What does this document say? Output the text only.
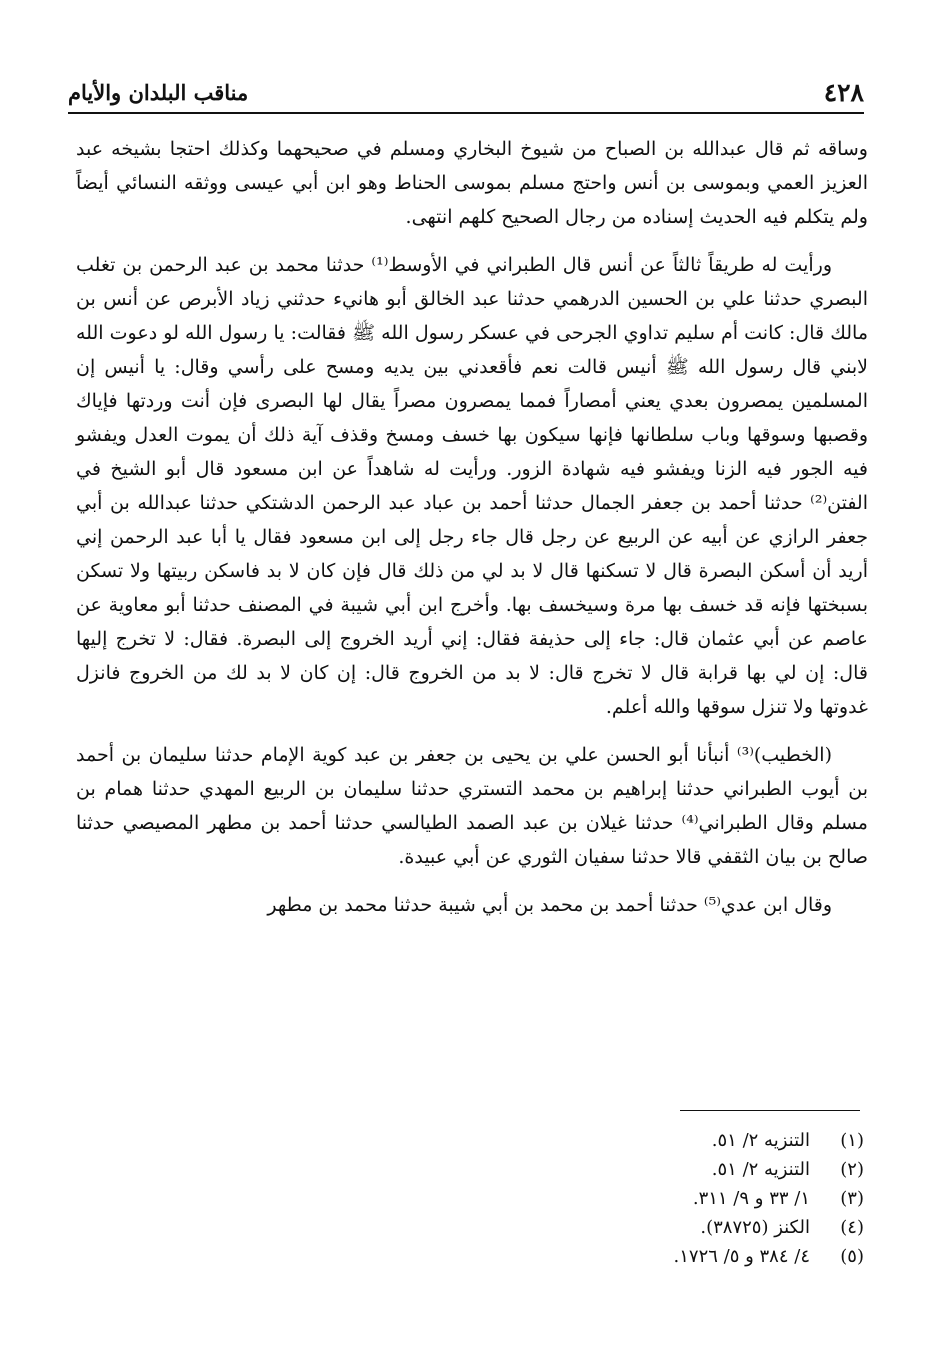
٤٢٨
مناقب البلدان والأيام

وساقه ثم قال عبدالله بن الصباح من شيوخ البخاري ومسلم في صحيحهما وكذلك احتجا بشيخه عبد العزيز العمي وبموسى بن أنس واحتج مسلم بموسى الحناط وهو ابن أبي عيسى ووثقه النسائي أيضاً ولم يتكلم فيه الحديث إسناده من رجال الصحيح كلهم انتهى.

ورأيت له طريقاً ثالثاً عن أنس قال الطبراني في الأوسط⁽¹⁾ حدثنا محمد بن عبد الرحمن بن تغلب البصري حدثنا علي بن الحسين الدرهمي حدثنا عبد الخالق أبو هانيء حدثني زياد الأبرص عن أنس بن مالك قال: كانت أم سليم تداوي الجرحى في عسكر رسول الله ﷺ فقالت: يا رسول الله لو دعوت الله لابني قال رسول الله ﷺ أنيس قالت نعم فأقعدني بين يديه ومسح على رأسي وقال: يا أنيس إن المسلمين يمصرون بعدي يعني أمصاراً فمما يمصرون مصراً يقال لها البصرى فإن أنت وردتها فإياك وقصبها وسوقها وباب سلطانها فإنها سيكون بها خسف ومسخ وقذف آية ذلك أن يموت العدل ويفشو فيه الجور فيه الزنا ويفشو فيه شهادة الزور. ورأيت له شاهداً عن ابن مسعود قال أبو الشيخ في الفتن⁽²⁾ حدثنا أحمد بن جعفر الجمال حدثنا أحمد بن عباد عبد الرحمن الدشتكي حدثنا عبدالله بن أبي جعفر الرازي عن أبيه عن الربيع عن رجل قال جاء رجل إلى ابن مسعود فقال يا أبا عبد الرحمن إني أريد أن أسكن البصرة قال لا تسكنها قال لا بد لي من ذلك قال فإن كان لا بد فاسكن ربيتها ولا تسكن بسبختها فإنه قد خسف بها مرة وسيخسف بها. وأخرج ابن أبي شيبة في المصنف حدثنا أبو معاوية عن عاصم عن أبي عثمان قال: جاء إلى حذيفة فقال: إني أريد الخروج إلى البصرة. فقال: لا تخرج إليها قال: إن لي بها قرابة قال لا تخرج قال: لا بد من الخروج قال: إن كان لا بد لك من الخروج فانزل غدوتها ولا تنزل سوقها والله أعلم.

(الخطيب)⁽³⁾ أنبأنا أبو الحسن علي بن يحيى بن جعفر بن عبد كوية الإمام حدثنا سليمان بن أحمد بن أيوب الطبراني حدثنا إبراهيم بن محمد التستري حدثنا سليمان بن الربيع المهدي حدثنا همام بن مسلم وقال الطبراني⁽⁴⁾ حدثنا غيلان بن عبد الصمد الطيالسي حدثنا أحمد بن مطهر المصيصي حدثنا صالح بن بيان الثقفي قالا حدثنا سفيان الثوري عن أبي عبيدة.

وقال ابن عدي⁽⁵⁾ حدثنا أحمد بن محمد بن أبي شيبة حدثنا محمد بن مطهر

(١)
التنزيه ٢/ ٥١.
(٢)
التنزيه ٢/ ٥١.
(٣)
١/ ٣٣ و ٩/ ٣١١.
(٤)
الكنز (٣٨٧٢٥).
(٥)
٤/ ٣٨٤ و ٥/ ١٧٢٦.
